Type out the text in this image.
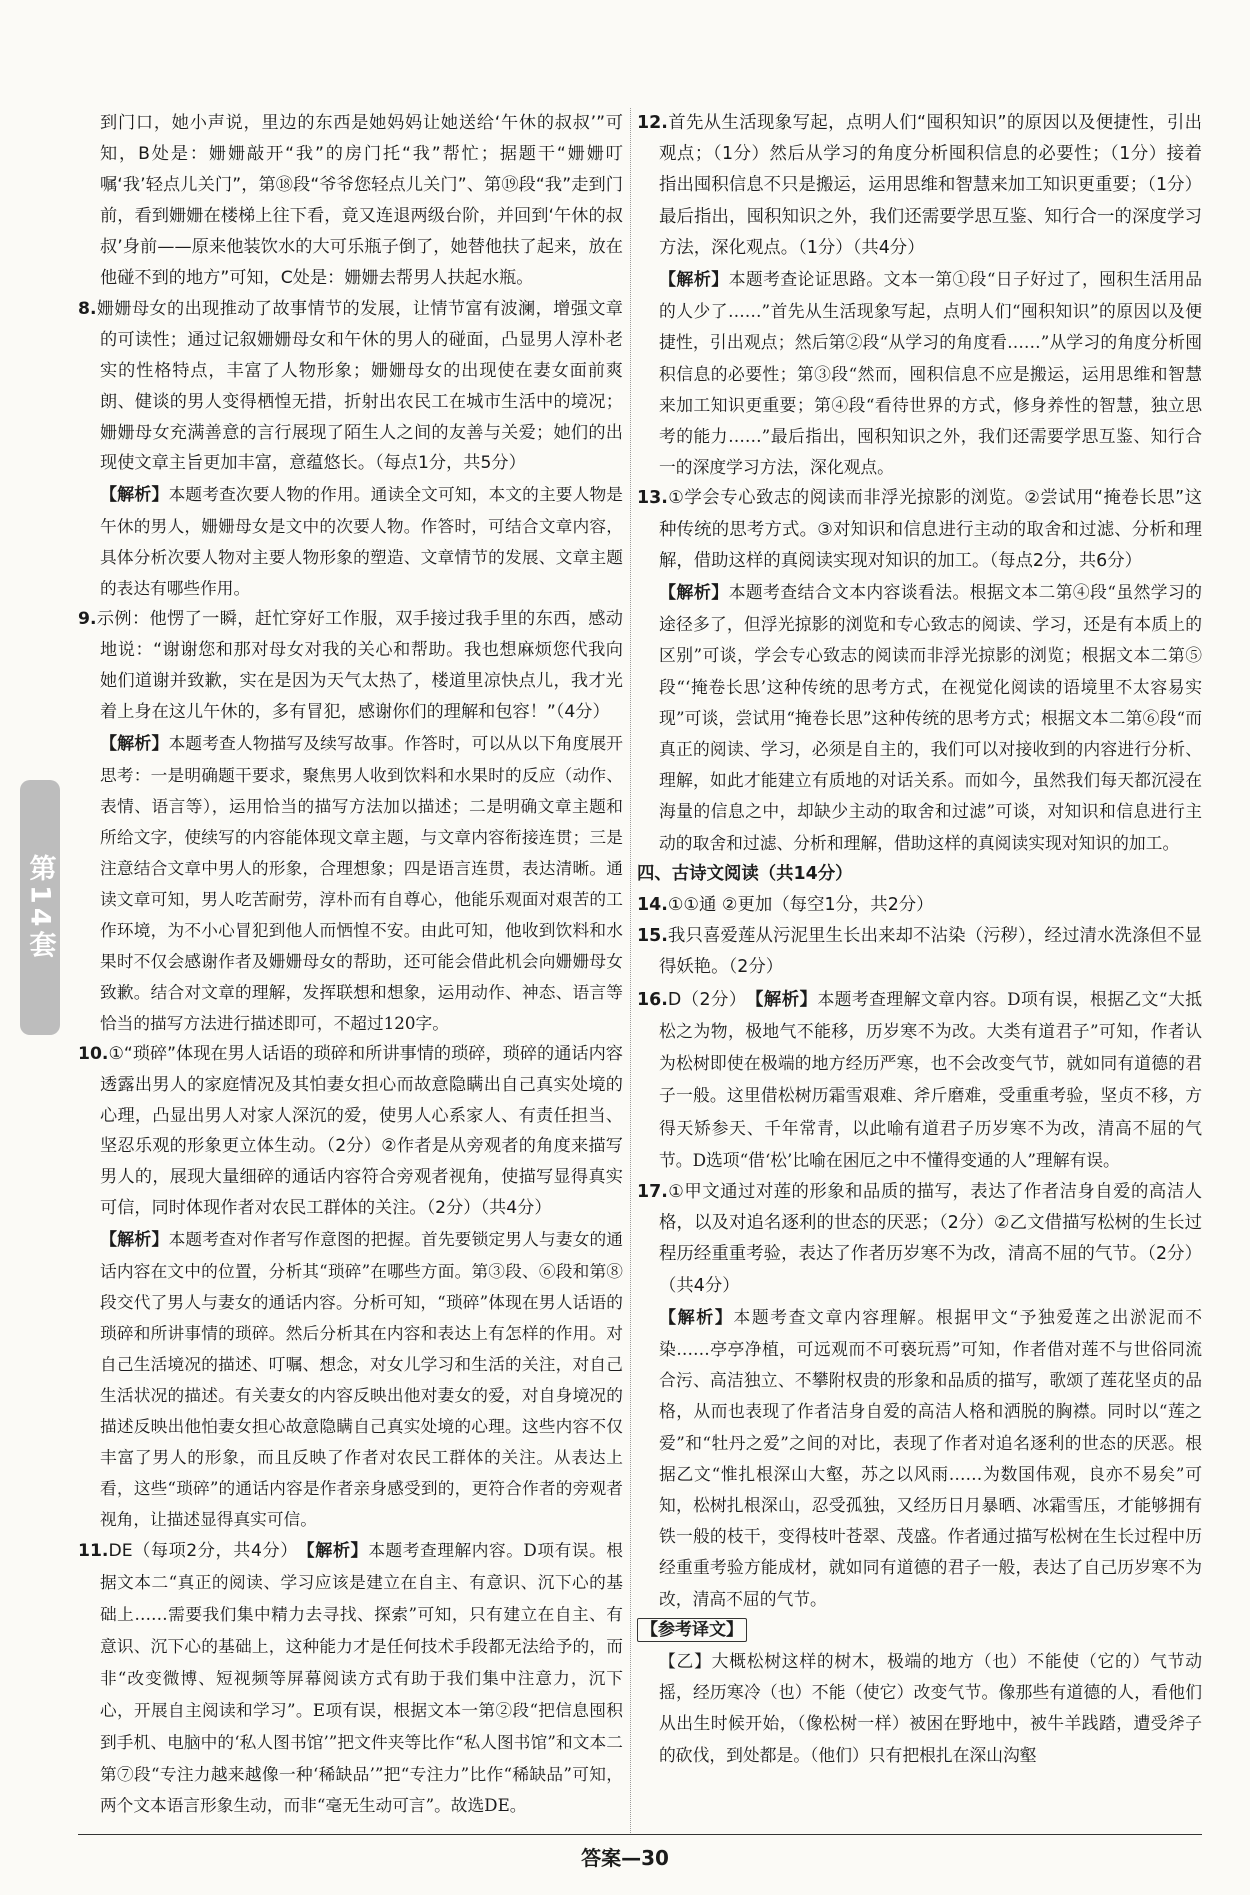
到门口，她小声说，里边的东西是她妈妈让她送给‘午休的叔叔’”可知，B处是：姗姗敲开“我”的房门托“我”帮忙；据题干“姗姗叮嘱‘我’轻点儿关门”，第⑱段“爷爷您轻点儿关门”、第⑲段“我”走到门前，看到姗姗在楼梯上往下看，竟又连退两级台阶，并回到‘午休的叔叔’身前——原来他装饮水的大可乐瓶子倒了，她替他扶了起来，放在他碰不到的地方”可知，C处是：姗姗去帮男人扶起水瓶。

8.姗姗母女的出现推动了故事情节的发展，让情节富有波澜，增强文章的可读性；通过记叙姗姗母女和午休的男人的碰面，凸显男人淳朴老实的性格特点，丰富了人物形象；姗姗母女的出现使在妻女面前爽朗、健谈的男人变得栖惶无措，折射出农民工在城市生活中的境况；姗姗母女充满善意的言行展现了陌生人之间的友善与关爱；她们的出现使文章主旨更加丰富，意蕴悠长。（每点1分，共5分）

【解析】本题考查次要人物的作用。通读全文可知，本文的主要人物是午休的男人，姗姗母女是文中的次要人物。作答时，可结合文章内容，具体分析次要人物对主要人物形象的塑造、文章情节的发展、文章主题的表达有哪些作用。

9.示例：他愣了一瞬，赶忙穿好工作服，双手接过我手里的东西，感动地说：“谢谢您和那对母女对我的关心和帮助。我也想麻烦您代我向她们道谢并致歉，实在是因为天气太热了，楼道里凉快点儿，我才光着上身在这儿午休的，多有冒犯，感谢你们的理解和包容！”（4分）

【解析】本题考查人物描写及续写故事。作答时，可以从以下角度展开思考：一是明确题干要求，聚焦男人收到饮料和水果时的反应（动作、表情、语言等），运用恰当的描写方法加以描述；二是明确文章主题和所给文字，使续写的内容能体现文章主题，与文章内容衔接连贯；三是注意结合文章中男人的形象，合理想象；四是语言连贯，表达清晰。通读文章可知，男人吃苦耐劳，淳朴而有自尊心，他能乐观面对艰苦的工作环境，为不小心冒犯到他人而恓惶不安。由此可知，他收到饮料和水果时不仅会感谢作者及姗姗母女的帮助，还可能会借此机会向姗姗母女致歉。结合对文章的理解，发挥联想和想象，运用动作、神态、语言等恰当的描写方法进行描述即可，不超过120字。

10.①“琐碎”体现在男人话语的琐碎和所讲事情的琐碎，琐碎的通话内容透露出男人的家庭情况及其怕妻女担心而故意隐瞒出自己真实处境的心理，凸显出男人对家人深沉的爱，使男人心系家人、有责任担当、坚忍乐观的形象更立体生动。（2分）②作者是从旁观者的角度来描写男人的，展现大量细碎的通话内容符合旁观者视角，使描写显得真实可信，同时体现作者对农民工群体的关注。（2分）（共4分）

【解析】本题考查对作者写作意图的把握。首先要锁定男人与妻女的通话内容在文中的位置，分析其“琐碎”在哪些方面。第③段、⑥段和第⑧段交代了男人与妻女的通话内容。分析可知，“琐碎”体现在男人话语的琐碎和所讲事情的琐碎。然后分析其在内容和表达上有怎样的作用。对自己生活境况的描述、叮嘱、想念，对女儿学习和生活的关注，对自己生活状况的描述。有关妻女的内容反映出他对妻女的爱，对自身境况的描述反映出他怕妻女担心故意隐瞒自己真实处境的心理。这些内容不仅丰富了男人的形象，而且反映了作者对农民工群体的关注。从表达上看，这些“琐碎”的通话内容是作者亲身感受到的，更符合作者的旁观者视角，让描述显得真实可信。

11.DE（每项2分，共4分） 【解析】本题考查理解内容。D项有误。根据文本二“真正的阅读、学习应该是建立在自主、有意识、沉下心的基础上……需要我们集中精力去寻找、探索”可知，只有建立在自主、有意识、沉下心的基础上，这种能力才是任何技术手段都无法给予的，而非“改变微博、短视频等屏幕阅读方式有助于我们集中注意力，沉下心，开展自主阅读和学习”。E项有误，根据文本一第②段“把信息囤积到手机、电脑中的‘私人图书馆’”把文件夹等比作“私人图书馆”和文本二第⑦段“专注力越来越像一种‘稀缺品’”把“专注力”比作“稀缺品”可知，两个文本语言形象生动，而非“毫无生动可言”。故选DE。

12.首先从生活现象写起，点明人们“囤积知识”的原因以及便捷性，引出观点；（1分）然后从学习的角度分析囤积信息的必要性；（1分）接着指出囤积信息不只是搬运，运用思维和智慧来加工知识更重要；（1分）最后指出，囤积知识之外，我们还需要学思互鉴、知行合一的深度学习方法，深化观点。（1分）（共4分）

【解析】本题考查论证思路。文本一第①段“日子好过了，囤积生活用品的人少了……”首先从生活现象写起，点明人们“囤积知识”的原因以及便捷性，引出观点；然后第②段“从学习的角度看……”从学习的角度分析囤积信息的必要性；第③段“然而，囤积信息不应是搬运，运用思维和智慧来加工知识更重要；第④段“看待世界的方式，修身养性的智慧，独立思考的能力……”最后指出，囤积知识之外，我们还需要学思互鉴、知行合一的深度学习方法，深化观点。

13.①学会专心致志的阅读而非浮光掠影的浏览。②尝试用“掩卷长思”这种传统的思考方式。③对知识和信息进行主动的取舍和过滤、分析和理解，借助这样的真阅读实现对知识的加工。（每点2分，共6分）

【解析】本题考查结合文本内容谈看法。根据文本二第④段“虽然学习的途径多了，但浮光掠影的浏览和专心致志的阅读、学习，还是有本质上的区别”可谈，学会专心致志的阅读而非浮光掠影的浏览；根据文本二第⑤段“‘掩卷长思’这种传统的思考方式，在视觉化阅读的语境里不太容易实现”可谈，尝试用“掩卷长思”这种传统的思考方式；根据文本二第⑥段“而真正的阅读、学习，必须是自主的，我们可以对接收到的内容进行分析、理解，如此才能建立有质地的对话关系。而如今，虽然我们每天都沉浸在海量的信息之中，却缺少主动的取舍和过滤”可谈，对知识和信息进行主动的取舍和过滤、分析和理解，借助这样的真阅读实现对知识的加工。

四、古诗文阅读（共14分）

14.①①通 ②更加（每空1分，共2分）

15.我只喜爱莲从污泥里生长出来却不沾染（污秽），经过清水洗涤但不显得妖艳。（2分）

16.D（2分） 【解析】本题考查理解文章内容。D项有误，根据乙文“大抵松之为物，极地气不能移，历岁寒不为改。大类有道君子”可知，作者认为松树即使在极端的地方经历严寒，也不会改变气节，就如同有道德的君子一般。这里借松树历霜雪艰难、斧斤磨难，受重重考验，坚贞不移，方得天矫参天、千年常青，以此喻有道君子历岁寒不为改，清高不屈的气节。D选项“借‘松’比喻在困厄之中不懂得变通的人”理解有误。

17.①甲文通过对莲的形象和品质的描写，表达了作者洁身自爱的高洁人格，以及对追名逐利的世态的厌恶；（2分）②乙文借描写松树的生长过程历经重重考验，表达了作者历岁寒不为改，清高不屈的气节。（2分）（共4分）

【解析】本题考查文章内容理解。根据甲文“予独爱莲之出淤泥而不染……亭亭净植，可远观而不可亵玩焉”可知，作者借对莲不与世俗同流合污、高洁独立、不攀附权贵的形象和品质的描写，歌颂了莲花坚贞的品格，从而也表现了作者洁身自爱的高洁人格和洒脱的胸襟。同时以“莲之爱”和“牡丹之爱”之间的对比，表现了作者对追名逐利的世态的厌恶。根据乙文“惟扎根深山大壑，苏之以风雨……为数国伟观，良亦不易矣”可知，松树扎根深山，忍受孤独，又经历日月暴晒、冰霜雪压，才能够拥有铁一般的枝干，变得枝叶苍翠、茂盛。作者通过描写松树在生长过程中历经重重考验方能成材，就如同有道德的君子一般，表达了自己历岁寒不为改，清高不屈的气节。

【参考译文】

【乙】大概松树这样的树木，极端的地方（也）不能使（它的）气节动摇，经历寒冷（也）不能（使它）改变气节。像那些有道德的人，看他们从出生时候开始，（像松树一样）被困在野地中，被牛羊践踏，遭受斧子的砍伐，到处都是。（他们）只有把根扎在深山沟壑

第14套
答案—30
